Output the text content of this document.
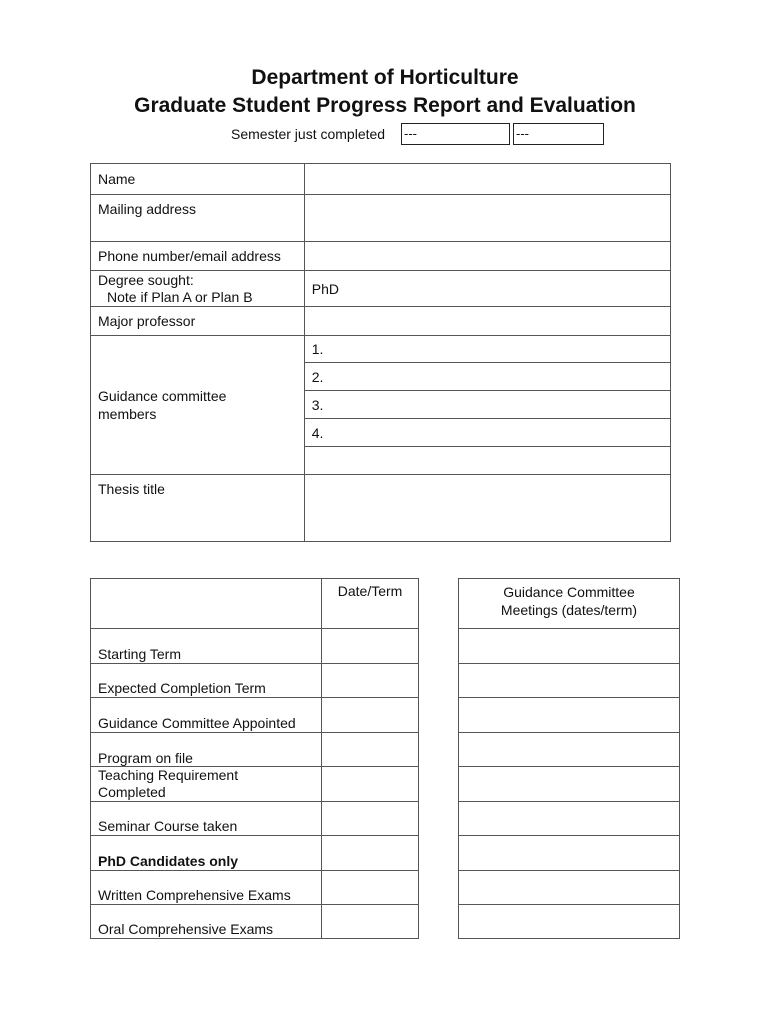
Department of Horticulture
Graduate Student Progress Report and Evaluation
Semester just completed ---	---
Name	
Mailing address	
Phone number/email address	

Degree sought:
Note if Plan A or Plan B	PhD
Major professor	

Guidance committee
members	1.
	2.
	3.
	4.

Thesis title	
	Date/Term
Starting Term	
Expected Completion Term	
Guidance Committee Appointed	
Program on file	

Teaching Requirement
Completed	

Seminar Course taken	
PhD Candidates only	
Written Comprehensive Exams	
Oral Comprehensive Exams	
Guidance Committee
Meetings (dates/term)
